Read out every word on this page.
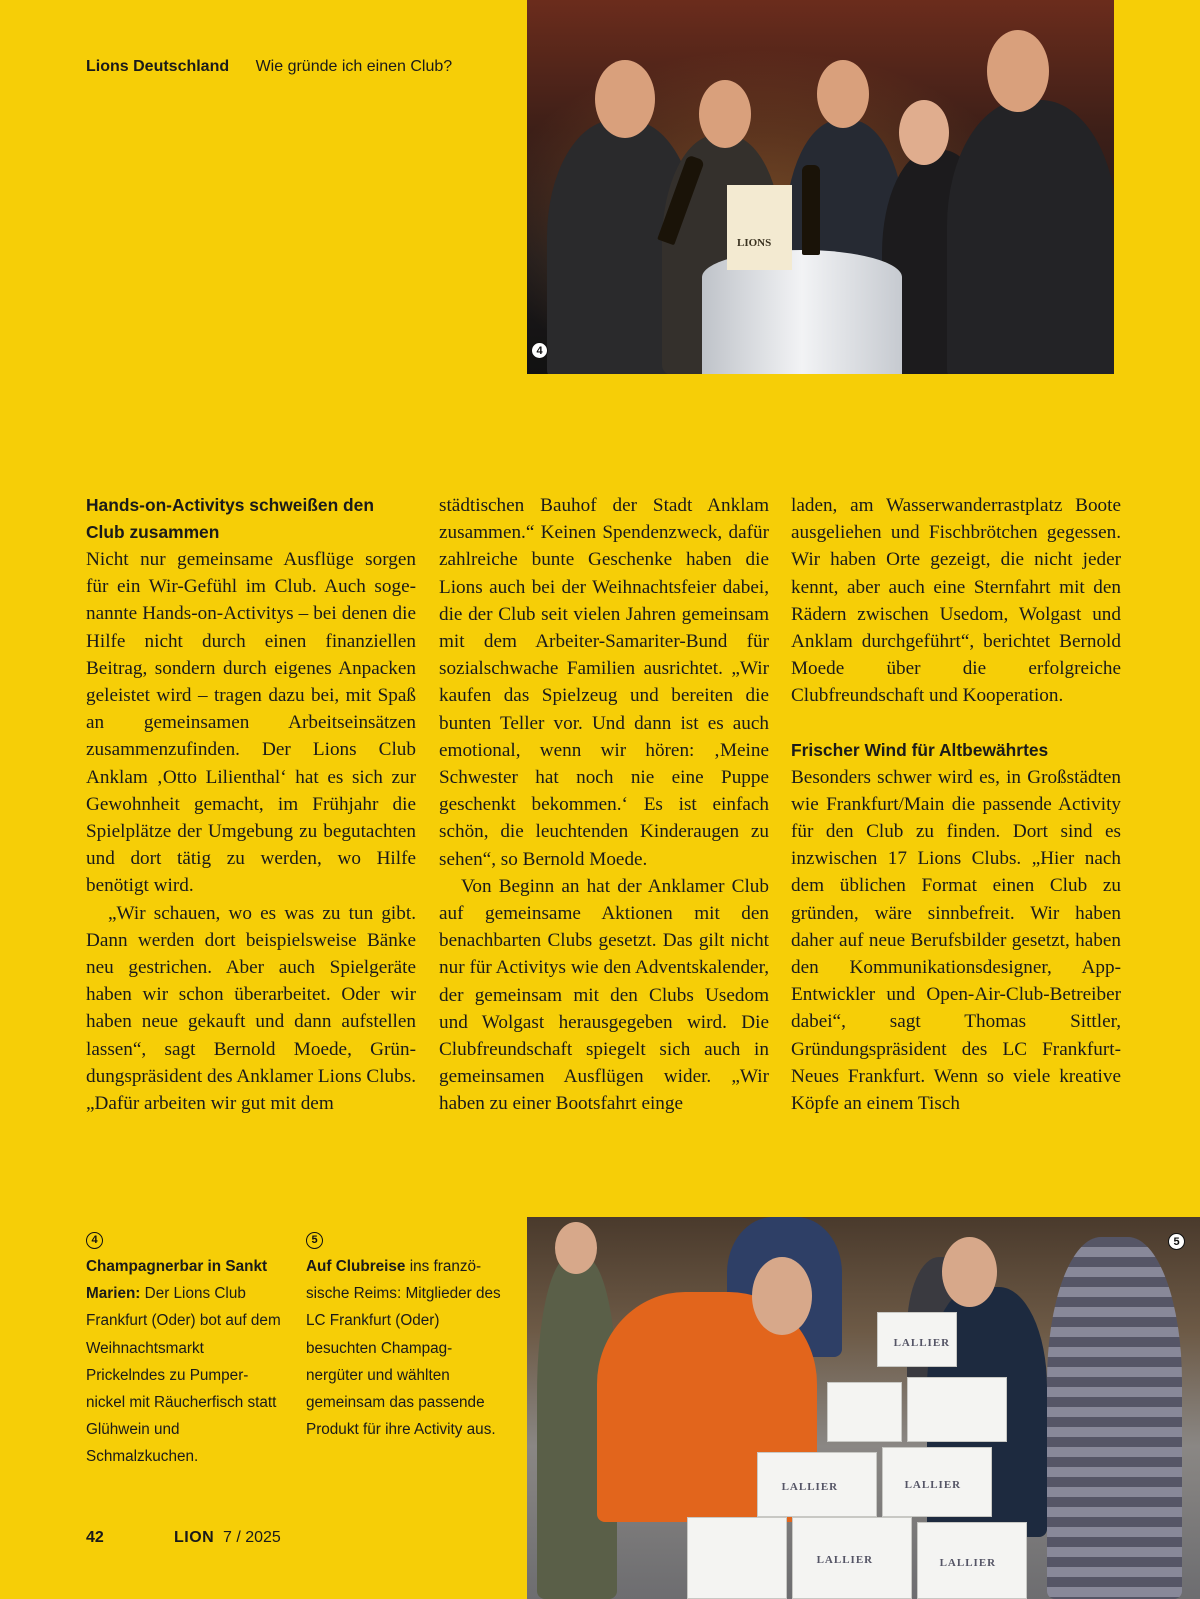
Lions Deutschland Wie gründe ich einen Club?
LIONS
4
Hands-on-Activitys schweißen den Club zusammen

Nicht nur gemeinsame Ausflüge sorgen für ein Wir-Gefühl im Club. Auch sogenannte Hands-on-Activitys – bei denen die Hilfe nicht durch einen finanziellen Beitrag, sondern durch eigenes Anpacken geleistet wird – tragen dazu bei, mit Spaß an gemeinsamen Arbeitseinsätzen zusammenzufinden. Der Lions Club Anklam ‚Otto Lilienthal‘ hat es sich zur Gewohnheit gemacht, im Frühjahr die Spielplätze der Umgebung zu begutachten und dort tätig zu werden, wo Hilfe benötigt wird.

„Wir schauen, wo es was zu tun gibt. Dann werden dort beispielsweise Bänke neu gestrichen. Aber auch Spielgeräte haben wir schon überarbeitet. Oder wir haben neue gekauft und dann aufstellen lassen“, sagt Bernold Moede, Gründungspräsident des Anklamer Lions Clubs. „Dafür arbeiten wir gut mit dem

städtischen Bauhof der Stadt Anklam zusammen.“ Keinen Spendenzweck, dafür zahlreiche bunte Geschenke haben die Lions auch bei der Weihnachtsfeier dabei, die der Club seit vielen Jahren gemeinsam mit dem Arbeiter-Samariter-Bund für sozialschwache Familien ausrichtet. „Wir kaufen das Spielzeug und bereiten die bunten Teller vor. Und dann ist es auch emotional, wenn wir hören: ‚Meine Schwester hat noch nie eine Puppe geschenkt bekommen.‘ Es ist einfach schön, die leuchtenden Kinderaugen zu sehen“, so Bernold Moede.

Von Beginn an hat der Anklamer Club auf gemeinsame Aktionen mit den benachbarten Clubs gesetzt. Das gilt nicht nur für Activitys wie den Adventskalender, der gemeinsam mit den Clubs Usedom und Wolgast herausgegeben wird. Die Clubfreundschaft spiegelt sich auch in gemeinsamen Ausflügen wider. „Wir haben zu einer Bootsfahrt einge

laden, am Wasserwanderrastplatz Boote ausgeliehen und Fischbrötchen gegessen. Wir haben Orte gezeigt, die nicht jeder kennt, aber auch eine Sternfahrt mit den Rädern zwischen Usedom, Wolgast und Anklam durchgeführt“, berichtet Bernold Moede über die erfolgreiche Clubfreundschaft und Kooperation.

Frischer Wind für Altbewährtes

Besonders schwer wird es, in Großstädten wie Frankfurt/Main die passende Activity für den Club zu finden. Dort sind es inzwischen 17 Lions Clubs. „Hier nach dem üblichen Format einen Club zu gründen, wäre sinnbefreit. Wir haben daher auf neue Berufsbilder gesetzt, haben den Kommunikationsdesigner, App-Entwickler und Open-Air-Club-Betreiber dabei“, sagt Thomas Sittler, Gründungspräsident des LC Frankfurt-Neues Frankfurt. Wenn so viele kreative Köpfe an einem Tisch

4
Champagnerbar in Sankt Marien: Der Lions Club Frankfurt (Oder) bot auf dem Weihnachtsmarkt Prickelndes zu Pumpernickel mit Räucherfisch statt Glühwein und Schmalzkuchen.
5
Auf Clubreise ins französische Reims: Mitglieder des LC Frankfurt (Oder) besuchten Champagnergüter und wählten gemeinsam das passende Produkt für ihre Activity aus.
LALLIER
LALLIER	LALLIER
LALLIER	LALLIER
5
42	LION 7 / 2025
